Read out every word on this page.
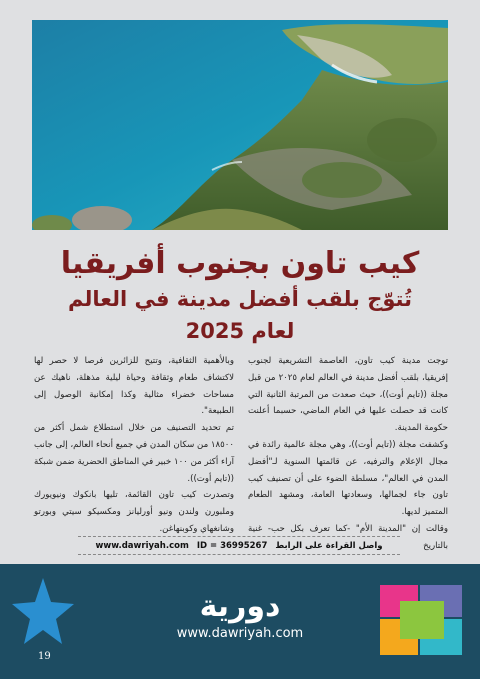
كيب تاون بجنوب أفريقيا
تُتوّج بلقب أفضل مدينة في العالم
لعام 2025

توجت مدينة كيب تاون، العاصمة التشريعية لجنوب إفريقيا، بلقب أفضل مدينة في العالم لعام ٢٠٢٥ من قبل مجلة ((تايم أوت))، حيث صعدت من المرتبة الثانية التي كانت قد حصلت عليها في العام الماضي، حسبما أعلنت حكومة المدينة.

وكشفت مجلة ((تايم أوت))، وهي مجلة عالمية رائدة في مجال الإعلام والترفيه، عن قائمتها السنوية لـ"أفضل المدن في العالم"، مسلطة الضوء على أن تصنيف كيب تاون جاء لجمالها، وسعادتها العامة، ومشهد الطعام المتميز لديها.

وقالت إن "المدينة الأم" -كما تعرف بكل حب- غنية بالتاريخ

وبالأهمية الثقافية، وتتيح للزائرين فرصا لا حصر لها لاكتشاف طعام وثقافة وحياة ليلية مذهلة، ناهيك عن مساحات خضراء مثالية وكذا إمكانية الوصول إلى الطبيعة".

تم تحديد التصنيف من خلال استطلاع شمل أكثر من ١٨٥٠٠ من سكان المدن في جميع أنحاء العالم، إلى جانب آراء أكثر من ١٠٠ خبير في المناطق الحضرية ضمن شبكة ((تايم أوت)).

وتصدرت كيب تاون القائمة، تليها بانكوك ونيويورك وملبورن ولندن ونيو أورليانز ومكسيكو سيتي وبورتو وشانغهاي وكوبنهاغن.

واصل القراءة على الرابط
ID = 36995267
www.dawriyah.com
دورية
www.dawriyah.com
19
